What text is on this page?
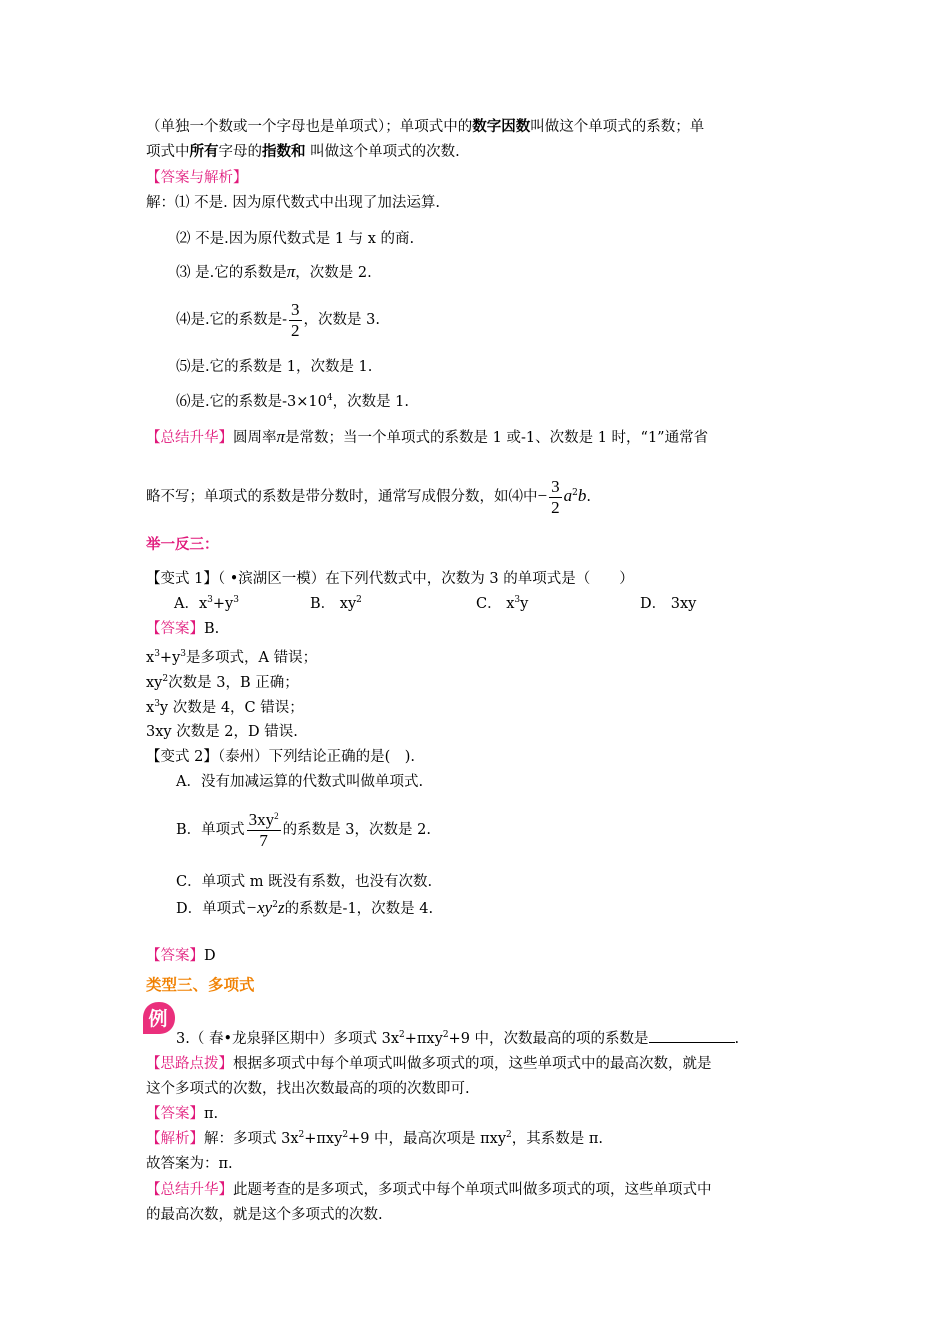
（单独一个数或一个字母也是单项式）；单项式中的数字因数叫做这个单项式的系数；单
项式中所有字母的指数和 叫做这个单项式的次数.
【答案与解析】
解：⑴ 不是. 因为原代数式中出现了加法运算.
⑵ 不是.因为原代数式是 1 与 x 的商.
⑶ 是.它的系数是π，次数是 2.
⑷是.它的系数是- $\frac{3}{2}$ ，次数是 3.
⑸是.它的系数是 1，次数是 1.
⑹是.它的系数是$-3\times 10^4$，次数是 1.
【总结升华】圆周率π是常数；当一个单项式的系数是 1 或-1、次数是 1 时，“1”通常省
略不写；单项式的系数是带分数时，通常写成假分数，如⑷中− $\frac{3}{2} a^2b$.
举一反三：
【变式 1】（ •滨湖区一模）在下列代数式中，次数为 3 的单项式是（　　）
A．$x^3+y^3$	B． $xy^2$	C． $x^3y$	D． 3xy
【答案】B.
$x^3+y^3$是多项式，A 错误；
$xy^2$次数是 3，B 正确；
$x^3y$ 次数是 4，C 错误；
3xy 次数是 2，D 错误.
【变式 2】（泰州）下列结论正确的是(　).
A．没有加减运算的代数式叫做单项式.
B．单项式 $\frac{3xy^2}{7}$ 的系数是 3，次数是 2.
C．单项式 m 既没有系数，也没有次数.
D．单项式$-xy^2z$的系数是-1，次数是 4.
【答案】D
类型三、多项式
例
3.（ 春•龙泉驿区期中）多项式 $3x^2+\pi xy^2+9$ 中，次数最高的项的系数是	.
【思路点拨】根据多项式中每个单项式叫做多项式的项，这些单项式中的最高次数，就是
这个多项式的次数，找出次数最高的项的次数即可.
【答案】π.
【解析】解：多项式 $3x^2+\pi xy^2+9$ 中，最高次项是 πxy$^2$，其系数是 π.
故答案为：π.
【总结升华】此题考查的是多项式，多项式中每个单项式叫做多项式的项，这些单项式中
的最高次数，就是这个多项式的次数.
